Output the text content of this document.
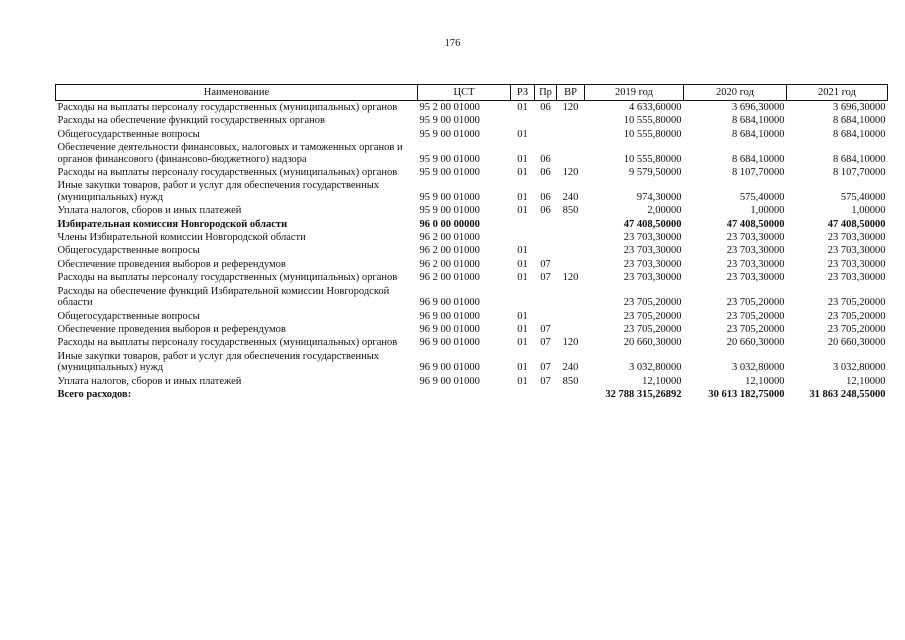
176
Наименование	ЦСТ	РЗ	Пр	ВР	2019 год	2020 год	2021 год
Расходы на выплаты персоналу государственных (муниципальных) органов	95 2 00 01000	01	06	120	4 633,60000	3 696,30000	3 696,30000
Расходы на обеспечение функций государственных органов	95 9 00 01000				10 555,80000	8 684,10000	8 684,10000
Общегосударственные вопросы	95 9 00 01000	01			10 555,80000	8 684,10000	8 684,10000
Обеспечение деятельности финансовых, налоговых и таможенных органов и органов финансового (финансово-бюджетного) надзора	95 9 00 01000	01	06		10 555,80000	8 684,10000	8 684,10000
Расходы на выплаты персоналу государственных (муниципальных) органов	95 9 00 01000	01	06	120	9 579,50000	8 107,70000	8 107,70000
Иные закупки товаров, работ и услуг для обеспечения государственных (муниципальных) нужд	95 9 00 01000	01	06	240	974,30000	575,40000	575,40000
Уплата налогов, сборов и иных платежей	95 9 00 01000	01	06	850	2,00000	1,00000	1,00000
Избирательная комиссия Новгородской области	96 0 00 00000				47 408,50000	47 408,50000	47 408,50000
Члены Избирательной комиссии Новгородской области	96 2 00 01000				23 703,30000	23 703,30000	23 703,30000
Общегосударственные вопросы	96 2 00 01000	01			23 703,30000	23 703,30000	23 703,30000
Обеспечение проведения выборов и референдумов	96 2 00 01000	01	07		23 703,30000	23 703,30000	23 703,30000
Расходы на выплаты персоналу государственных (муниципальных) органов	96 2 00 01000	01	07	120	23 703,30000	23 703,30000	23 703,30000
Расходы на обеспечение функций Избирательной комиссии Новгородской области	96 9 00 01000				23 705,20000	23 705,20000	23 705,20000
Общегосударственные вопросы	96 9 00 01000	01			23 705,20000	23 705,20000	23 705,20000
Обеспечение проведения выборов и референдумов	96 9 00 01000	01	07		23 705,20000	23 705,20000	23 705,20000
Расходы на выплаты персоналу государственных (муниципальных) органов	96 9 00 01000	01	07	120	20 660,30000	20 660,30000	20 660,30000
Иные закупки товаров, работ и услуг для обеспечения государственных (муниципальных) нужд	96 9 00 01000	01	07	240	3 032,80000	3 032,80000	3 032,80000
Уплата налогов, сборов и иных платежей	96 9 00 01000	01	07	850	12,10000	12,10000	12,10000
Всего расходов:					32 788 315,26892	30 613 182,75000	31 863 248,55000
